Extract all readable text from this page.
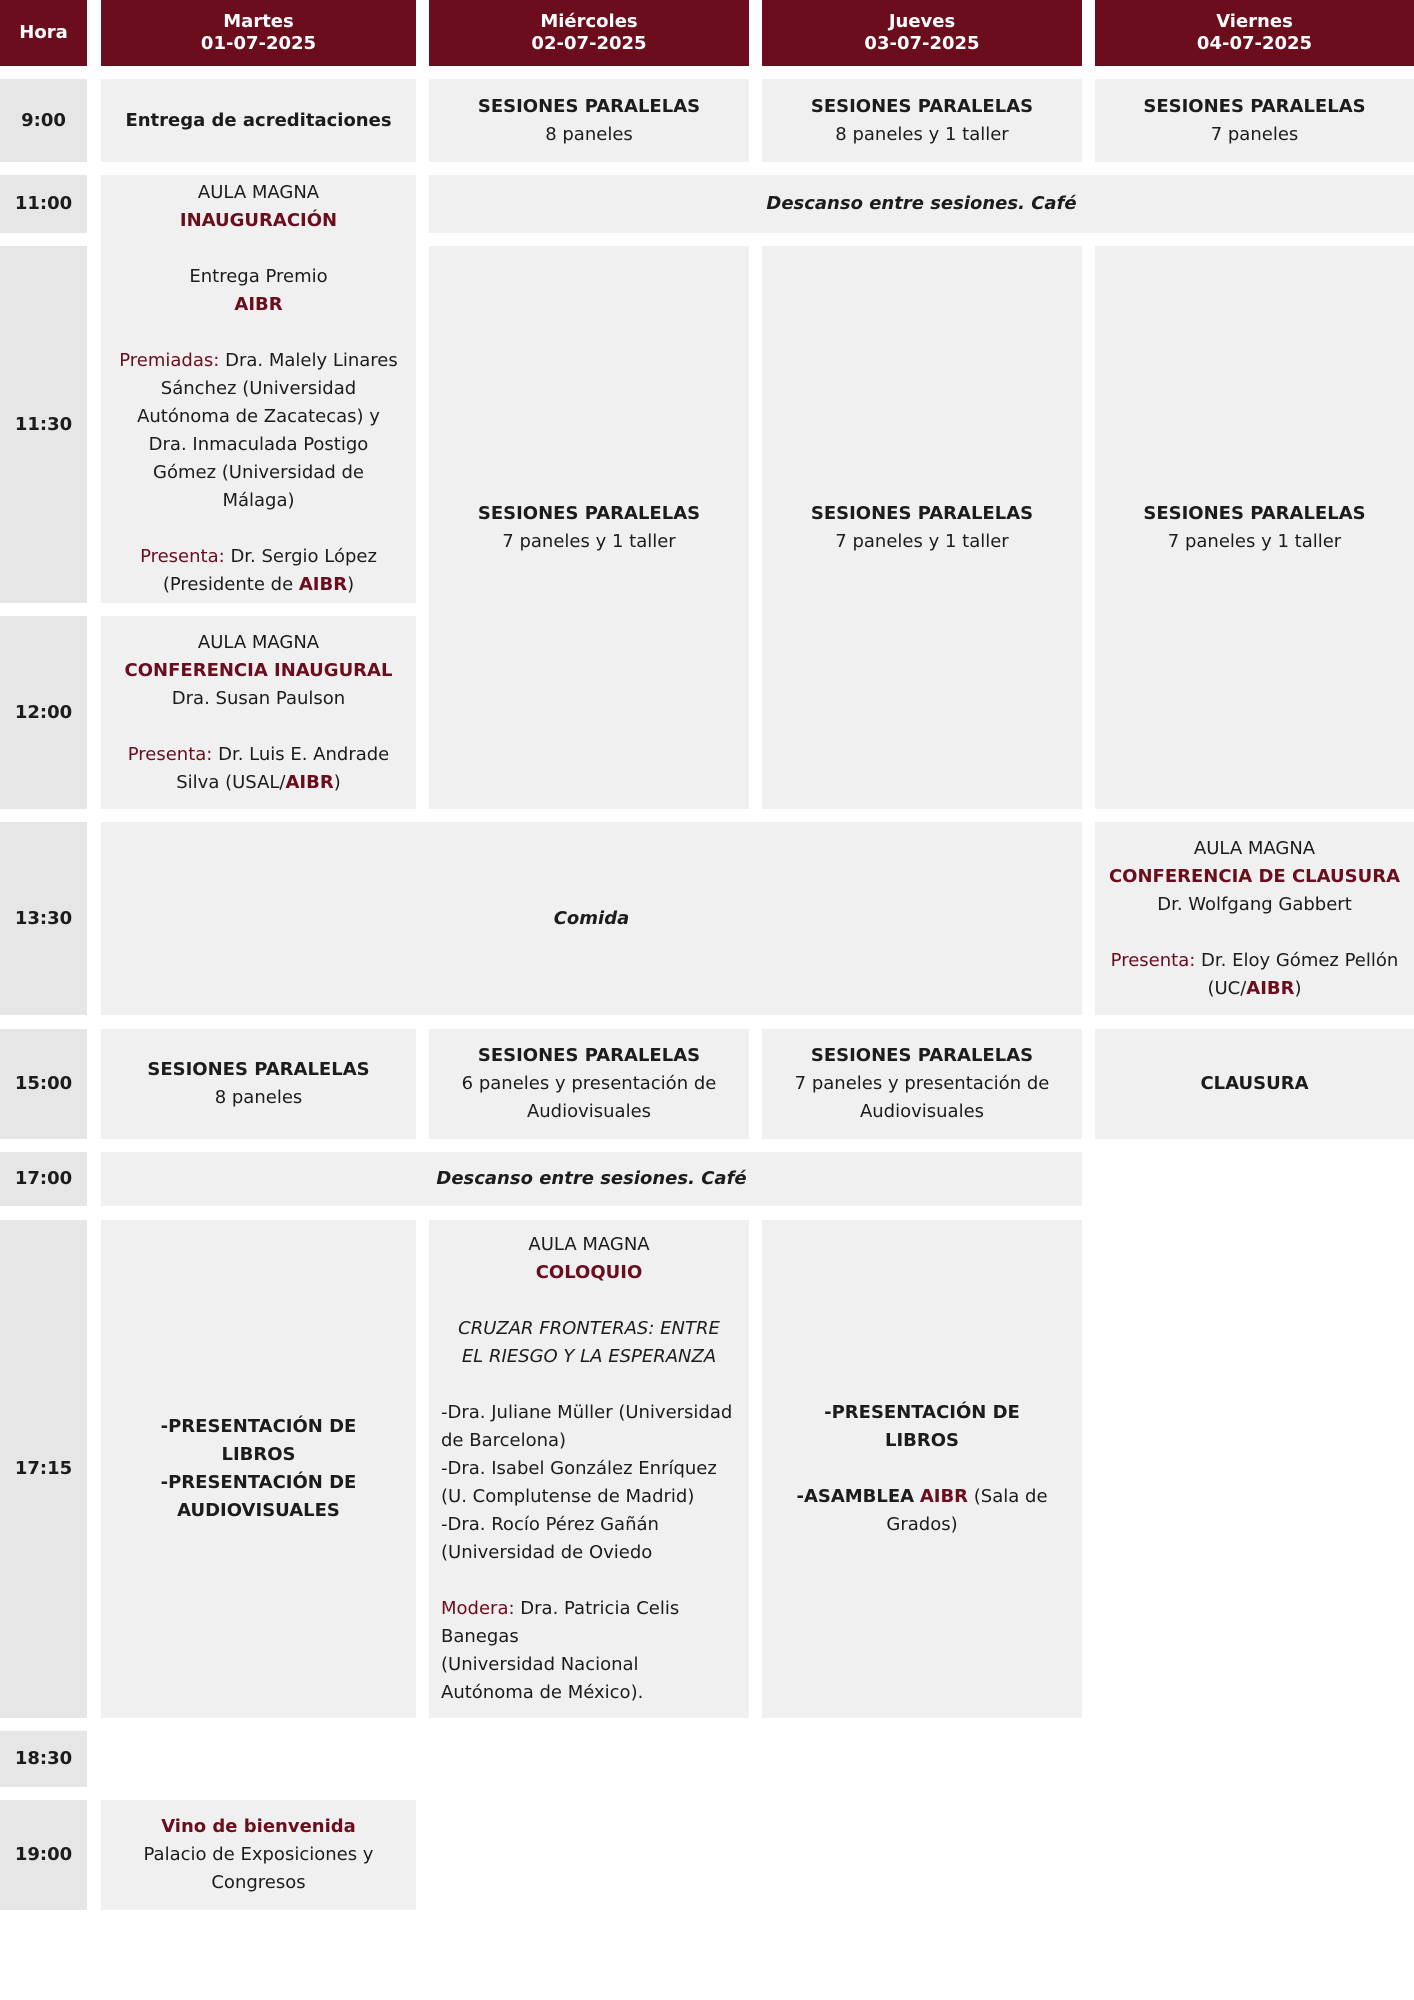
Hora
Martes
01-07-2025
Miércoles
02-07-2025
Jueves
03-07-2025
Viernes
04-07-2025
9:00
11:00
11:30
12:00
13:30
15:00
17:00
17:15
18:30
19:00
Entrega de acreditaciones
SESIONES PARALELAS
8 paneles
SESIONES PARALELAS
8 paneles y 1 taller
SESIONES PARALELAS
7 paneles
AULA MAGNA
INAUGURACIÓN
Entrega Premio
AIBR
Premiadas: Dra. Malely Linares Sánchez (Universidad Autónoma de Zacatecas) y Dra. Inmaculada Postigo Gómez (Universidad de Málaga)
Presenta: Dr. Sergio López
(Presidente de AIBR)
Descanso entre sesiones. Café
SESIONES PARALELAS
7 paneles y 1 taller
SESIONES PARALELAS
7 paneles y 1 taller
SESIONES PARALELAS
7 paneles y 1 taller
AULA MAGNA
CONFERENCIA INAUGURAL
Dra. Susan Paulson
Presenta: Dr. Luis E. Andrade Silva (USAL/AIBR)
Comida
AULA MAGNA
CONFERENCIA DE CLAUSURA
Dr. Wolfgang Gabbert
Presenta: Dr. Eloy Gómez Pellón
(UC/AIBR)
SESIONES PARALELAS
8 paneles
SESIONES PARALELAS
6 paneles y presentación de Audiovisuales
SESIONES PARALELAS
7 paneles y presentación de Audiovisuales
CLAUSURA
Descanso entre sesiones. Café
-PRESENTACIÓN DE LIBROS
-PRESENTACIÓN DE AUDIOVISUALES
AULA MAGNA
COLOQUIO
CRUZAR FRONTERAS: ENTRE EL RIESGO Y LA ESPERANZA
-Dra. Juliane Müller (Universidad de Barcelona)
-Dra. Isabel González Enríquez (U. Complutense de Madrid)
-Dra. Rocío Pérez Gañán (Universidad de Oviedo
Modera: Dra. Patricia Celis Banegas
(Universidad Nacional Autónoma de México).
-PRESENTACIÓN DE LIBROS
-ASAMBLEA AIBR (Sala de Grados)
Vino de bienvenida
Palacio de Exposiciones y Congresos
